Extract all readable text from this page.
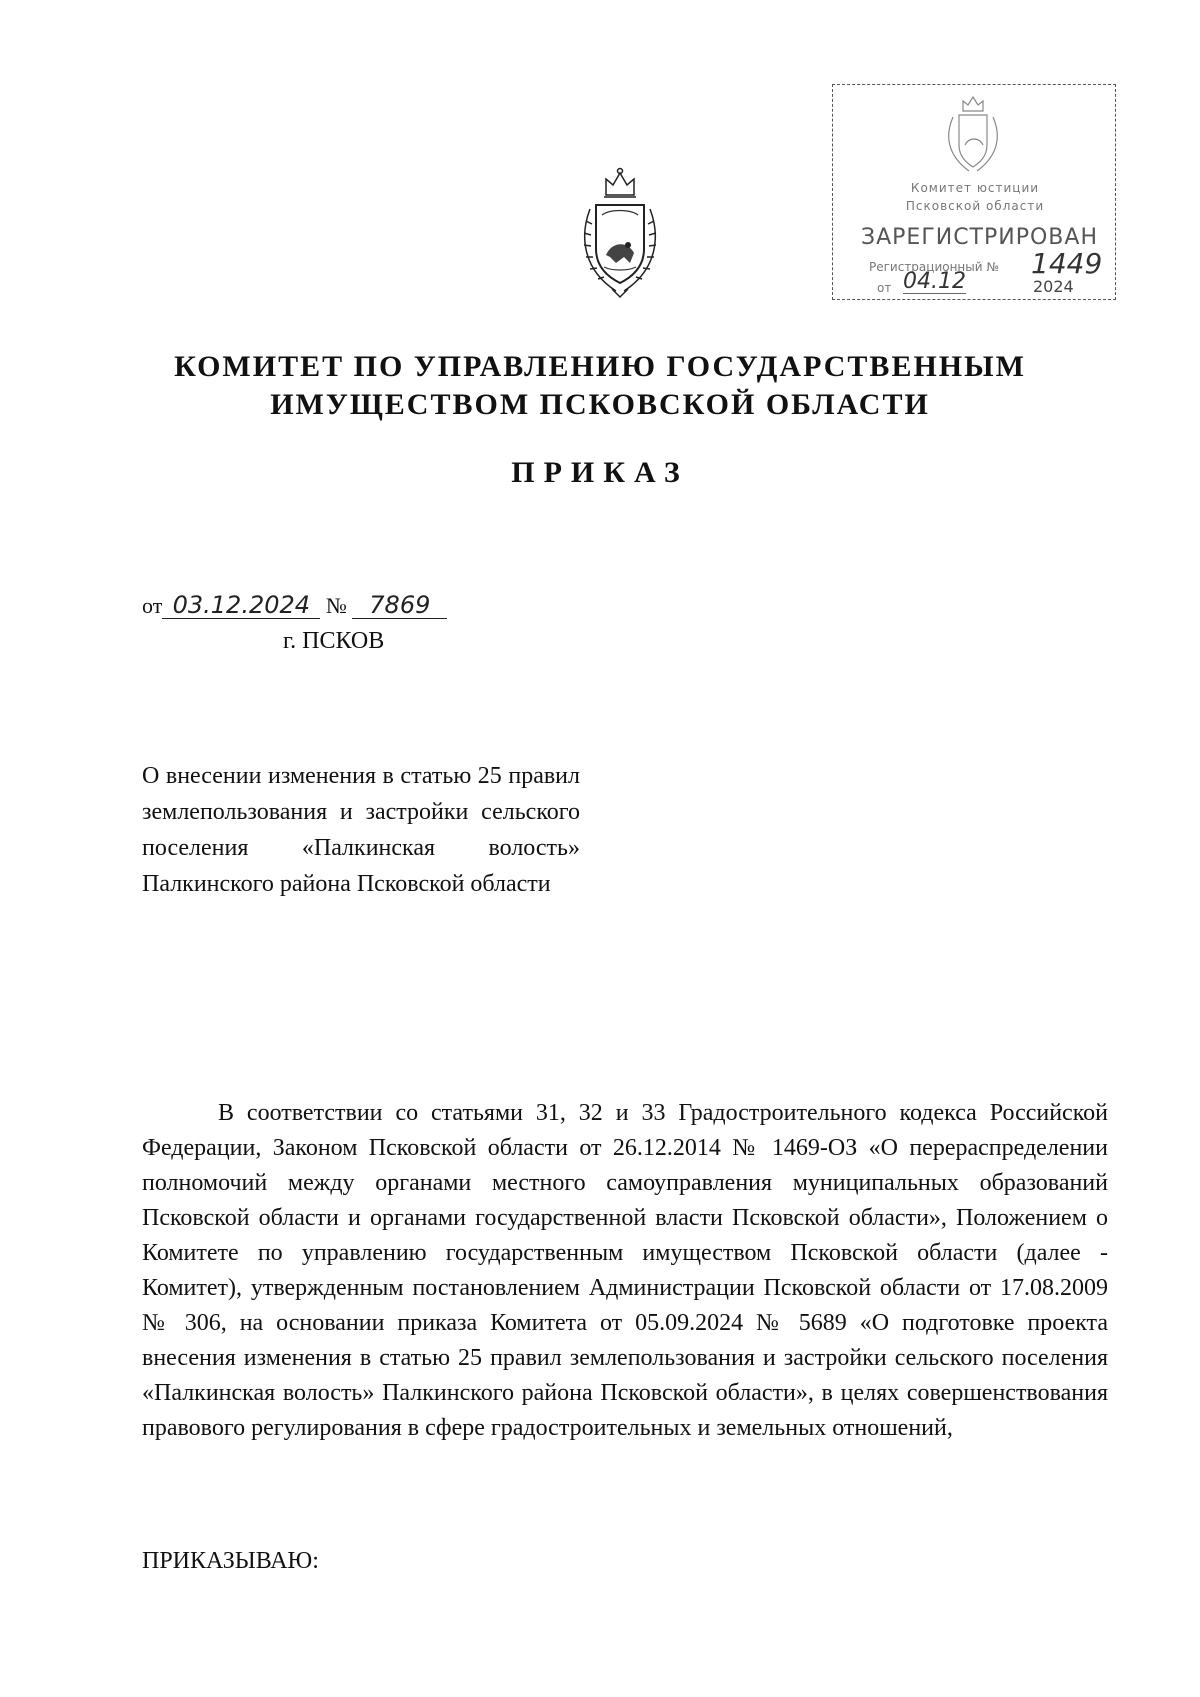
Комитет юстиции
Псковской области
ЗАРЕГИСТРИРОВАН
Регистрационный № 1449
от 04.12	2024
КОМИТЕТ ПО УПРАВЛЕНИЮ ГОСУДАРСТВЕННЫМ
ИМУЩЕСТВОМ ПСКОВСКОЙ ОБЛАСТИ
ПРИКАЗ
от 03.12.2024 № 7869
г. ПСКОВ

О внесении изменения в статью 25 правил землепользования и застройки сельского поселения «Палкинская волость» Палкинского района Псковской области

В соответствии со статьями 31, 32 и 33 Градостроительного кодекса Российской Федерации, Законом Псковской области от 26.12.2014 № 1469-ОЗ «О перераспределении полномочий между органами местного самоуправления муниципальных образований Псковской области и органами государственной власти Псковской области», Положением о Комитете по управлению государственным имуществом Псковской области (далее - Комитет), утвержденным постановлением Администрации Псковской области от 17.08.2009 № 306, на основании приказа Комитета от 05.09.2024 № 5689 «О подготовке проекта внесения изменения в статью 25 правил землепользования и застройки сельского поселения «Палкинская волость» Палкинского района Псковской области», в целях совершенствования правового регулирования в сфере градостроительных и земельных отношений,

ПРИКАЗЫВАЮ:
